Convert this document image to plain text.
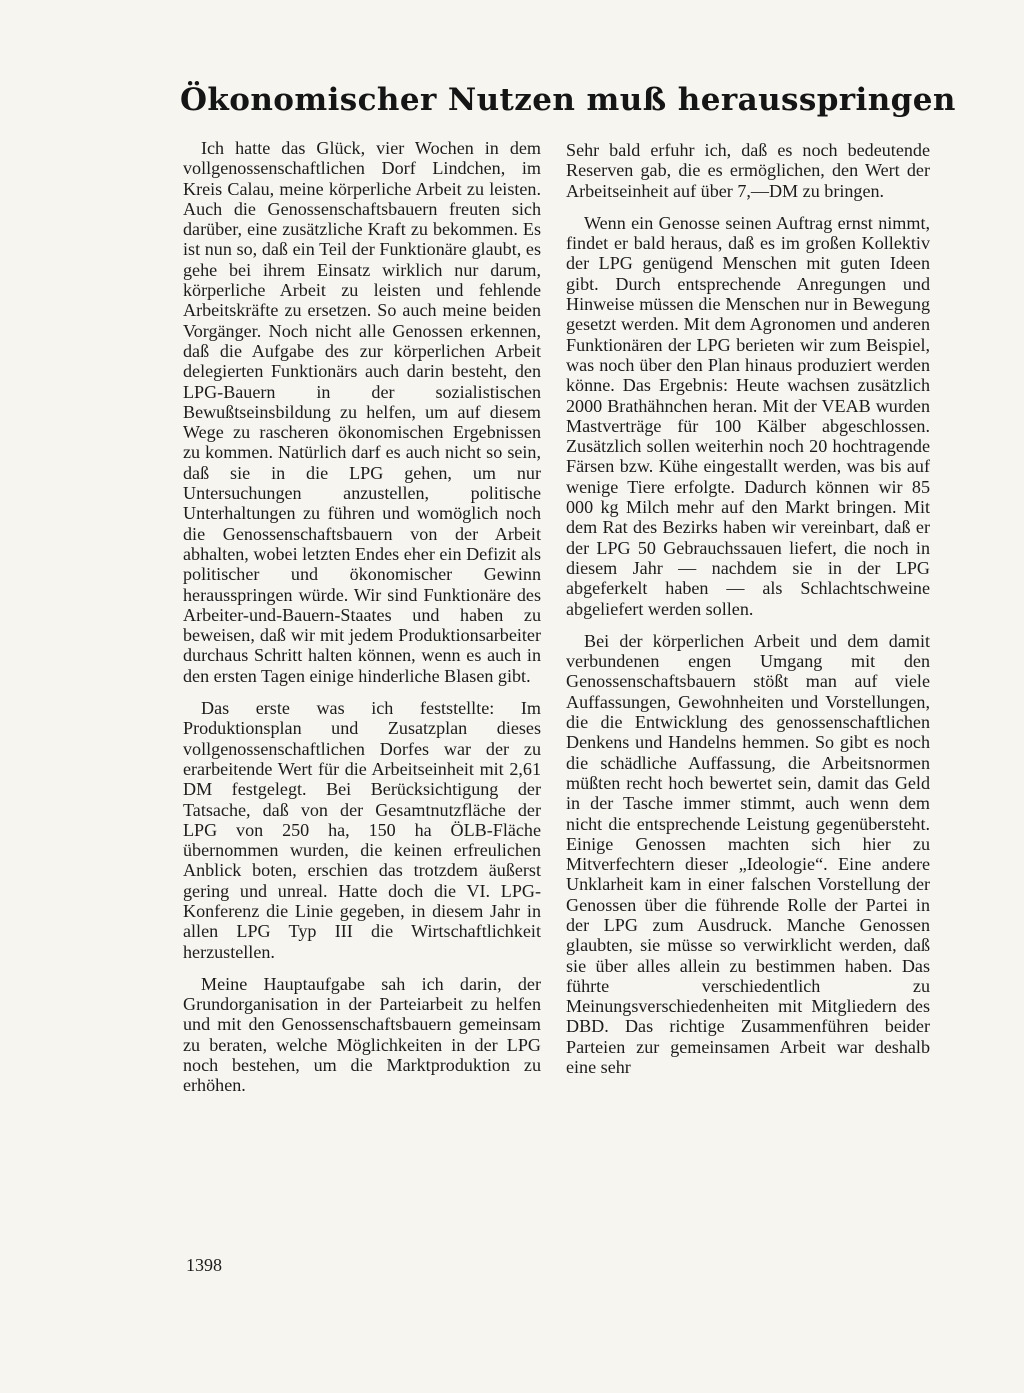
Ökonomischer Nutzen muß herausspringen

Ich hatte das Glück, vier Wochen in dem vollgenossenschaftlichen Dorf Lindchen, im Kreis Calau, meine körperliche Arbeit zu leisten. Auch die Genossenschaftsbauern freuten sich darüber, eine zusätzliche Kraft zu bekommen. Es ist nun so, daß ein Teil der Funktionäre glaubt, es gehe bei ihrem Einsatz wirklich nur darum, körperliche Arbeit zu leisten und fehlende Arbeitskräfte zu ersetzen. So auch meine beiden Vorgänger. Noch nicht alle Genossen erkennen, daß die Aufgabe des zur körperlichen Arbeit delegierten Funktionärs auch darin besteht, den LPG-Bauern in der sozialistischen Bewußtseinsbildung zu helfen, um auf diesem Wege zu rascheren ökonomischen Ergebnissen zu kommen. Natürlich darf es auch nicht so sein, daß sie in die LPG gehen, um nur Untersuchungen anzustellen, politische Unterhaltungen zu führen und womöglich noch die Genossenschaftsbauern von der Arbeit abhalten, wobei letzten Endes eher ein Defizit als politischer und ökonomischer Gewinn herausspringen würde. Wir sind Funktionäre des Arbeiter-und-Bauern-Staates und haben zu beweisen, daß wir mit jedem Produktionsarbeiter durchaus Schritt halten können, wenn es auch in den ersten Tagen einige hinderliche Blasen gibt.

Das erste was ich feststellte: Im Produktionsplan und Zusatzplan dieses vollgenossenschaftlichen Dorfes war der zu erarbeitende Wert für die Arbeitseinheit mit 2,61 DM festgelegt. Bei Berücksichtigung der Tatsache, daß von der Gesamtnutzfläche der LPG von 250 ha, 150 ha ÖLB-Fläche übernommen wurden, die keinen erfreulichen Anblick boten, erschien das trotzdem äußerst gering und unreal. Hatte doch die VI. LPG-Konferenz die Linie gegeben, in diesem Jahr in allen LPG Typ III die Wirtschaftlichkeit herzustellen.

Meine Hauptaufgabe sah ich darin, der Grundorganisation in der Parteiarbeit zu helfen und mit den Genossenschaftsbauern gemeinsam zu beraten, welche Möglichkeiten in der LPG noch bestehen, um die Marktproduktion zu erhöhen.

Sehr bald erfuhr ich, daß es noch bedeutende Reserven gab, die es ermöglichen, den Wert der Arbeitseinheit auf über 7,—DM zu bringen.

Wenn ein Genosse seinen Auftrag ernst nimmt, findet er bald heraus, daß es im großen Kollektiv der LPG genügend Menschen mit guten Ideen gibt. Durch entsprechende Anregungen und Hinweise müssen die Menschen nur in Bewegung gesetzt werden. Mit dem Agronomen und anderen Funktionären der LPG berieten wir zum Beispiel, was noch über den Plan hinaus produziert werden könne. Das Ergebnis: Heute wachsen zusätzlich 2000 Brathähnchen heran. Mit der VEAB wurden Mastverträge für 100 Kälber abgeschlossen. Zusätzlich sollen weiterhin noch 20 hochtragende Färsen bzw. Kühe eingestallt werden, was bis auf wenige Tiere erfolgte. Dadurch können wir 85 000 kg Milch mehr auf den Markt bringen. Mit dem Rat des Bezirks haben wir vereinbart, daß er der LPG 50 Gebrauchssauen liefert, die noch in diesem Jahr — nachdem sie in der LPG abgeferkelt haben — als Schlachtschweine abgeliefert werden sollen.

Bei der körperlichen Arbeit und dem damit verbundenen engen Umgang mit den Genossenschaftsbauern stößt man auf viele Auffassungen, Gewohnheiten und Vorstellungen, die die Entwicklung des genossenschaftlichen Denkens und Handelns hemmen. So gibt es noch die schädliche Auffassung, die Arbeitsnormen müßten recht hoch bewertet sein, damit das Geld in der Tasche immer stimmt, auch wenn dem nicht die entsprechende Leistung gegenübersteht. Einige Genossen machten sich hier zu Mitverfechtern dieser „Ideologie“. Eine andere Unklarheit kam in einer falschen Vorstellung der Genossen über die führende Rolle der Partei in der LPG zum Ausdruck. Manche Genossen glaubten, sie müsse so verwirklicht werden, daß sie über alles allein zu bestimmen haben. Das führte verschiedentlich zu Meinungsverschiedenheiten mit Mitgliedern des DBD. Das richtige Zusammenführen beider Parteien zur gemeinsamen Arbeit war deshalb eine sehr

1398
